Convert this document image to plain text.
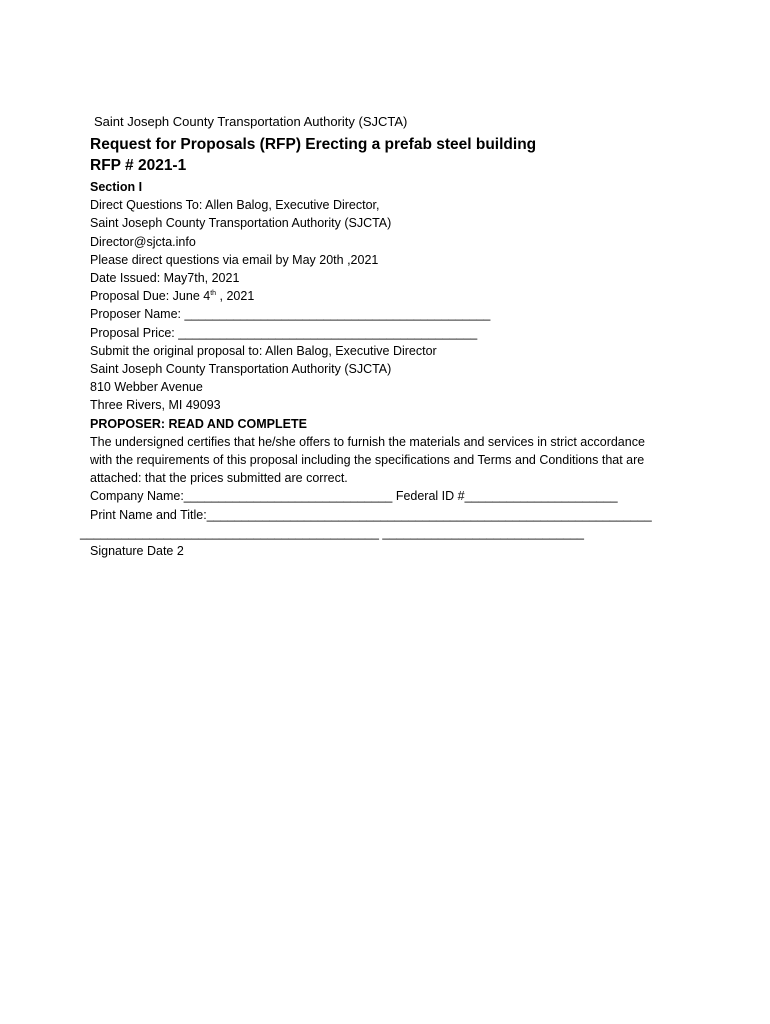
Saint Joseph County Transportation Authority (SJCTA)
Request for Proposals (RFP) Erecting a prefab steel building
RFP # 2021-1
Section I
Direct Questions To: Allen Balog, Executive Director,
Saint Joseph County Transportation Authority (SJCTA)
Director@sjcta.info
Please direct questions via email by May 20th ,2021
Date Issued: May7th, 2021
Proposal Due: June 4th , 2021
Proposer Name: ____________________________________________
Proposal Price: ___________________________________________
Submit the original proposal to: Allen Balog, Executive Director
Saint Joseph County Transportation Authority (SJCTA)
810 Webber Avenue
Three Rivers, MI 49093
PROPOSER: READ AND COMPLETE
The undersigned certifies that he/she offers to furnish the materials and services in strict accordance with the requirements of this proposal including the specifications and Terms and Conditions that are attached: that the prices submitted are correct.
Company Name:______________________________ Federal ID #______________________
Print Name and Title:________________________________________________________________
___________________________________________ _____________________________
Signature Date 2
